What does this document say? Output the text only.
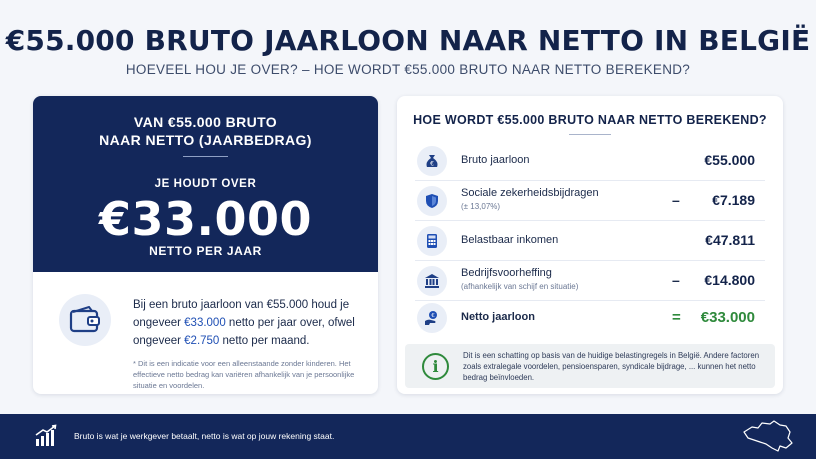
€55.000 BRUTO JAARLOON NAAR NETTO IN BELGIË
HOEVEEL HOU JE OVER? – HOE WORDT €55.000 BRUTO NAAR NETTO BEREKEND?
VAN €55.000 BRUTO
NAAR NETTO (JAARBEDRAG)
JE HOUDT OVER
€33.000
NETTO PER JAAR
Bij een bruto jaarloon van €55.000 houd je ongeveer €33.000 netto per jaar over, ofwel ongeveer €2.750 netto per maand.
* Dit is een indicatie voor een alleenstaande zonder kinderen. Het effectieve netto bedrag kan variëren afhankelijk van je persoonlijke situatie en voordelen.
HOE WORDT €55.000 BRUTO NAAR NETTO BEREKEND?
€ Bruto jaarloon	€55.000
Sociale zekerheidsbijdragen
(± 13,07%)	– €7.189
Belastbaar inkomen	€47.811
Bedrijfsvoorheffing
(afhankelijk van schijf en situatie)	– €14.800
€ Netto jaarloon	= €33.000
i
Dit is een schatting op basis van de huidige belastingregels in België. Andere factoren zoals extralegale voordelen, pensioensparen, syndicale bijdrage, ... kunnen het netto bedrag beïnvloeden.
Bruto is wat je werkgever betaalt, netto is wat op jouw rekening staat.
